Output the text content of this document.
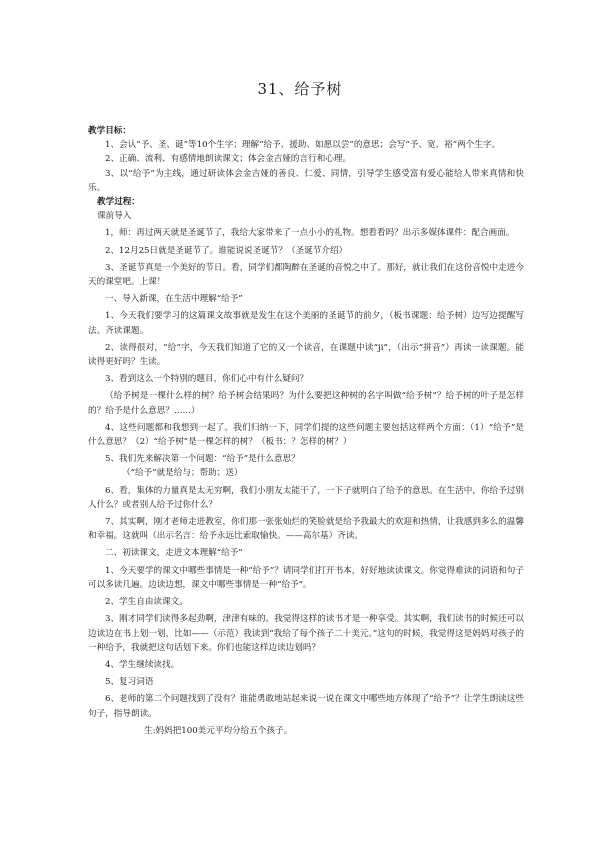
31、给予树

教学目标：

1、会认“予、圣、诞”等10个生字；理解“给予、援助、如愿以尝”的意思；会写“予、宽、裕”两个生字。

2、正确、流利、有感情地朗读课文；体会金吉娅的言行和心理。

3、以“给予”为主线，通过研读体会金吉娅的善良、仁爱、同情，引导学生感受富有爱心能给人带来真情和快乐。

教学过程：

课前导入

1，师：再过两天就是圣诞节了，我给大家带来了一点小小的礼物。想看看吗？出示多媒体课件：配合画面。

2、12月25日就是圣诞节了。谁能说说圣诞节？（圣诞节介绍）

3、圣诞节真是一个美好的节日。看，同学们都陶醉在圣诞的音悦之中了。那好，就让我们在这份音悦中走进今天的课堂吧。上课！

一、导入新课，在生活中理解“给予”

1、今天我们要学习的这篇课文故事就是发生在这个美丽的圣诞节的前夕，（板书课题：给予树）边写边提醒写法。齐读课题。

2、读得很对，“给”字，今天我们知道了它的又一个读音，在课题中读“ji”，（出示“拼音”）再读一读课题。能读得更好吗？生读。

3、看到这么一个特别的题目，你们心中有什么疑问？

（给予树是一棵什么样的树？给予树会结果吗？为什么要把这种树的名字叫做“给予树”？给予树的叶子是怎样的？给予是什么意思？……）

4、这些问题都和我想到一起了。我们归纳一下，同学们提的这些问题主要包括这样两个方面：（1）“给予”是什么意思？（2）“给予树”是一棵怎样的树？（板书：？怎样的树？）

5、我们先来解决第一个问题：“给予”是什么意思？

（“给予”就是给与；帮助；送）

6、看，集体的力量真是太无穷啊，我们小朋友太能干了，一下子就明白了给予的意思。在生活中，你给予过别人什么？或者别人给予过你什么？

7、其实啊，刚才老师走进教室，你们那一张张灿烂的笑脸就是给予我最大的欢迎和热情，让我感到多么的温馨和幸福。这就叫（出示名言：给予永远比索取愉快。——高尔基）齐读。

二、初读课文，走进文本理解“给予”

1、今天要学的课文中哪些事情是一种“给予”？请同学们打开书本，好好地读读课文。你觉得难读的词语和句子可以多读几遍。边读边想，课文中哪些事情是一种“给予”。

2、学生自由读课文。

3、刚才同学们读得多起劲啊，津津有味的。我觉得这样的读书才是一种享受。其实啊，我们读书的时候还可以边读边在书上划一划，比如——（示范）我读到“我给了每个孩子二十美元。”这句的时候，我觉得这是妈妈对孩子的一种给予，我就把这句话划下来。你们也能这样边读边划吗？

4、学生继续读找。

5、复习词语

6、老师的第二个问题找到了没有？谁能勇敢地站起来说一说在课文中哪些地方体现了“给予”？让学生朗读这些句子，指导朗读。

生:妈妈把100美元平均分给五个孩子。
